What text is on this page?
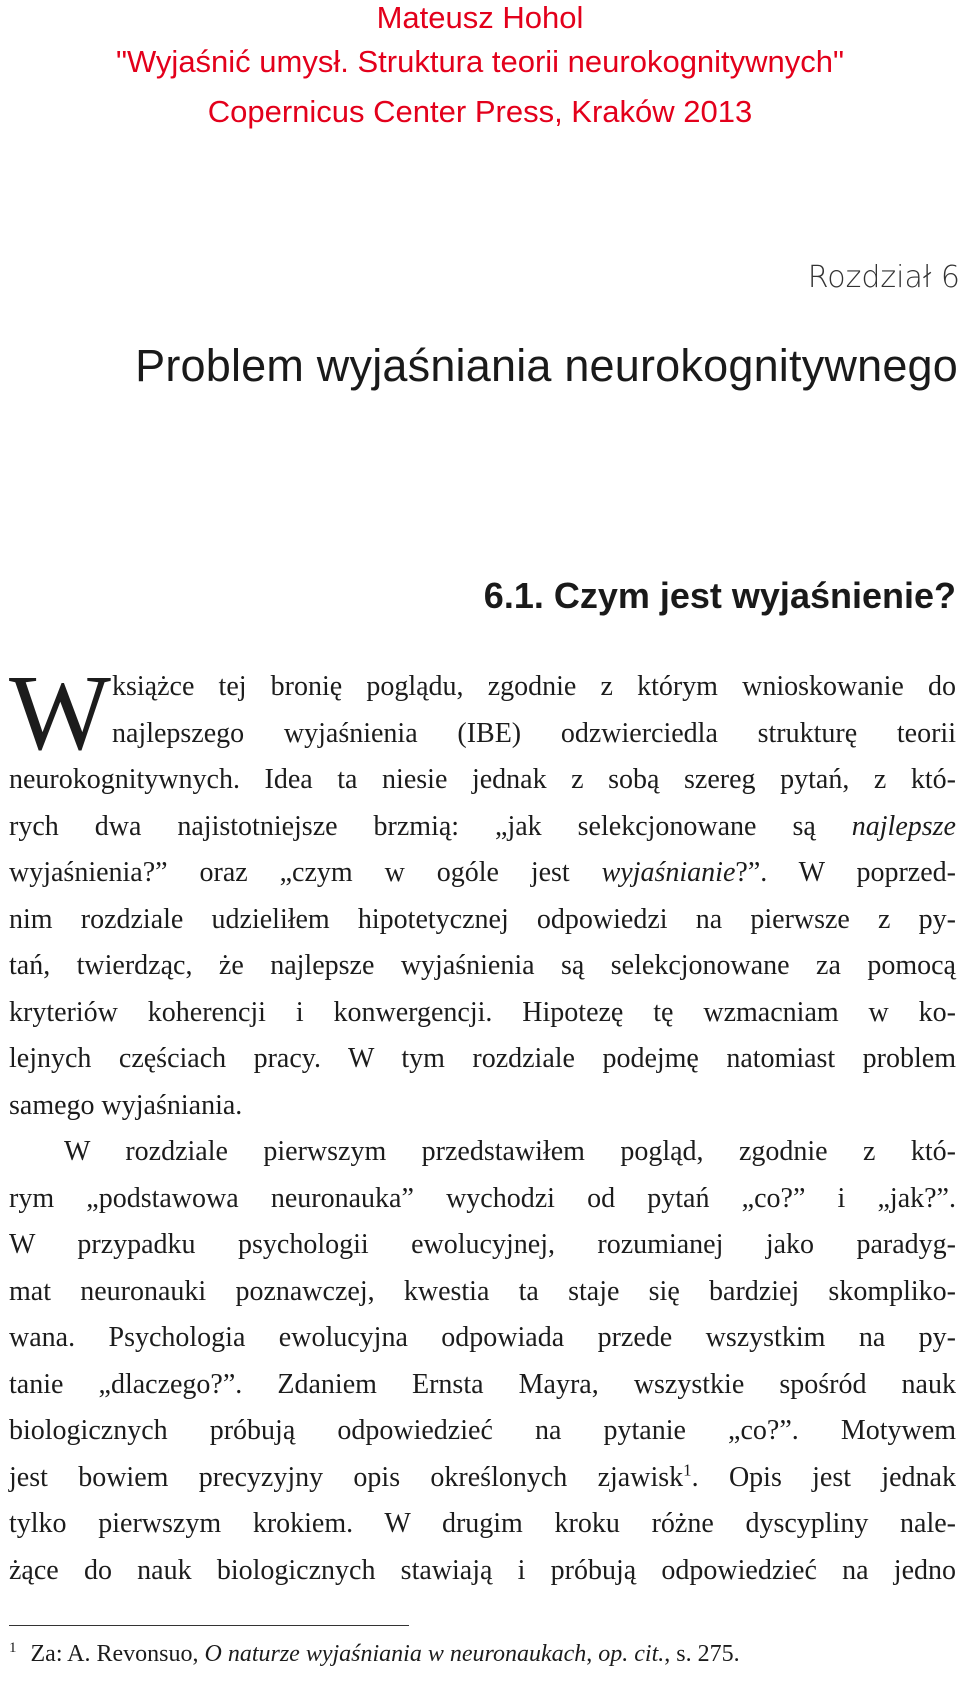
Mateusz Hohol
"Wyjaśnić umysł. Struktura teorii neurokognitywnych"
Copernicus Center Press, Kraków 2013
Rozdział 6
Problem wyjaśniania neurokognitywnego
6.1. Czym jest wyjaśnienie?
W książce tej bronię poglądu, zgodnie z którym wnioskowanie do
najlepszego wyjaśnienia (IBE) odzwierciedla strukturę teorii
neurokognitywnych. Idea ta niesie jednak z sobą szereg pytań, z któ-
rych dwa najistotniejsze brzmią: „jak selekcjonowane są najlepsze
wyjaśnienia?” oraz „czym w ogóle jest wyjaśnianie?”. W poprzed-
nim rozdziale udzieliłem hipotetycznej odpowiedzi na pierwsze z py-
tań, twierdząc, że najlepsze wyjaśnienia są selekcjonowane za pomocą
kryteriów koherencji i konwergencji. Hipotezę tę wzmacniam w ko-
lejnych częściach pracy. W tym rozdziale podejmę natomiast problem
samego wyjaśniania.
W rozdziale pierwszym przedstawiłem pogląd, zgodnie z któ-
rym „podstawowa neuronauka” wychodzi od pytań „co?” i „jak?”.
W przypadku psychologii ewolucyjnej, rozumianej jako paradyg-
mat neuronauki poznawczej, kwestia ta staje się bardziej skompliko-
wana. Psychologia ewolucyjna odpowiada przede wszystkim na py-
tanie „dlaczego?”. Zdaniem Ernsta Mayra, wszystkie spośród nauk
biologicznych próbują odpowiedzieć na pytanie „co?”. Motywem
jest bowiem precyzyjny opis określonych zjawisk$^1$. Opis jest jednak
tylko pierwszym krokiem. W drugim kroku różne dyscypliny nale-
żące do nauk biologicznych stawiają i próbują odpowiedzieć na jedno
$^1$ Za: A. Revonsuo, O naturze wyjaśniania w neuronaukach, op. cit., s. 275.
